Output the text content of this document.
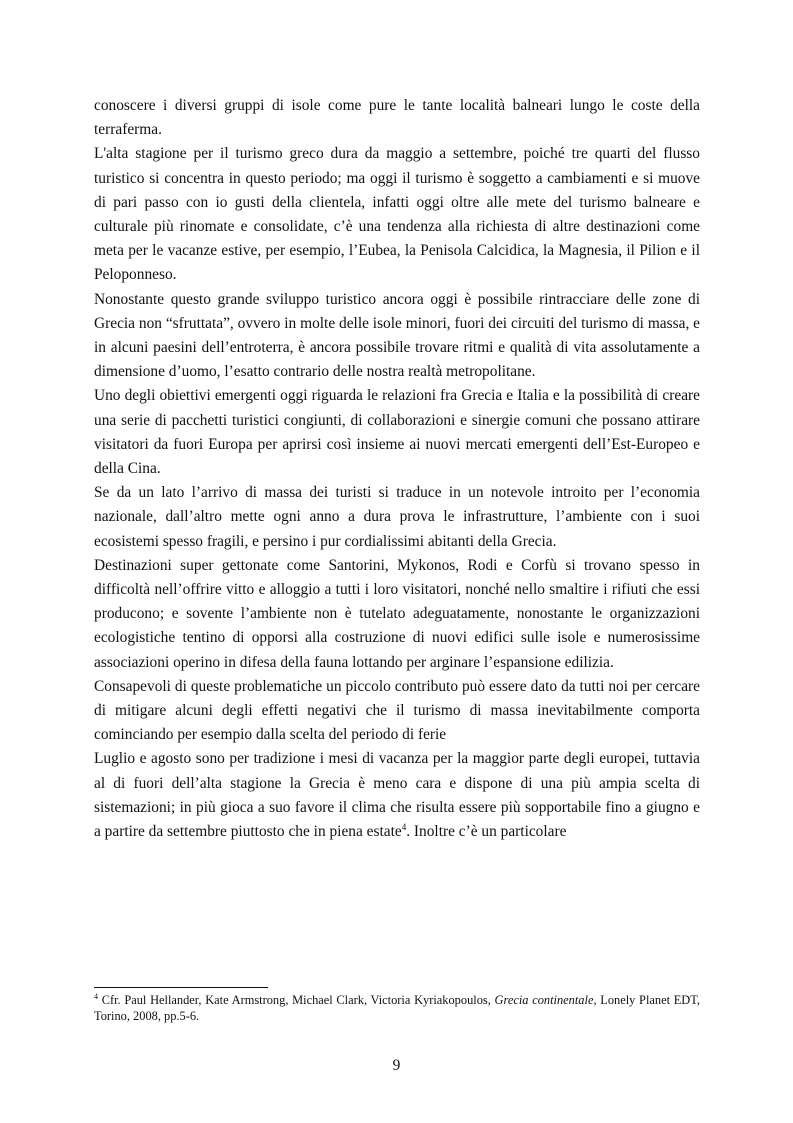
conoscere i diversi gruppi di isole come pure le tante località balneari lungo le coste della terraferma.

L'alta stagione per il turismo greco dura da maggio a settembre, poiché tre quarti del flusso turistico si concentra in questo periodo; ma oggi il turismo è soggetto a cambiamenti e si muove di pari passo con io gusti della clientela, infatti oggi oltre alle mete del turismo balneare e culturale più rinomate e consolidate, c’è una tendenza alla richiesta di altre destinazioni come meta per le vacanze estive, per esempio, l’Eubea, la Penisola Calcidica, la Magnesia, il Pilion e il Peloponneso.

Nonostante questo grande sviluppo turistico ancora oggi è possibile rintracciare delle zone di Grecia non “sfruttata”, ovvero in molte delle isole minori, fuori dei circuiti del turismo di massa, e in alcuni paesini dell’entroterra, è ancora possibile trovare ritmi e qualità di vita assolutamente a dimensione d’uomo, l’esatto contrario delle nostra realtà metropolitane.

Uno degli obiettivi emergenti oggi riguarda le relazioni fra Grecia e Italia e la possibilità di creare una serie di pacchetti turistici congiunti, di collaborazioni e sinergie comuni che possano attirare visitatori da fuori Europa per aprirsi così insieme ai nuovi mercati emergenti dell’Est-Europeo e della Cina.

Se da un lato l’arrivo di massa dei turisti si traduce in un notevole introito per l’economia nazionale, dall’altro mette ogni anno a dura prova le infrastrutture, l’ambiente con i suoi ecosistemi spesso fragili, e persino i pur cordialissimi abitanti della Grecia.

Destinazioni super gettonate come Santorini, Mykonos, Rodi e Corfù si trovano spesso in difficoltà nell’offrire vitto e alloggio a tutti i loro visitatori, nonché nello smaltire i rifiuti che essi producono; e sovente l’ambiente non è tutelato adeguatamente, nonostante le organizzazioni ecologistiche tentino di opporsi alla costruzione di nuovi edifici sulle isole e numerosissime associazioni operino in difesa della fauna lottando per arginare l’espansione edilizia.

Consapevoli di queste problematiche un piccolo contributo può essere dato da tutti noi per cercare di mitigare alcuni degli effetti negativi che il turismo di massa inevitabilmente comporta cominciando per esempio dalla scelta del periodo di ferie

Luglio e agosto sono per tradizione i mesi di vacanza per la maggior parte degli europei, tuttavia al di fuori dell’alta stagione la Grecia è meno cara e dispone di una più ampia scelta di sistemazioni; in più gioca a suo favore il clima che risulta essere più sopportabile fino a giugno e a partire da settembre piuttosto che in piena estate$^4$. Inoltre c’è un particolare

$^4$ Cfr. Paul Hellander, Kate Armstrong, Michael Clark, Victoria Kyriakopoulos, Grecia continentale, Lonely Planet EDT, Torino, 2008, pp.5-6.

9
